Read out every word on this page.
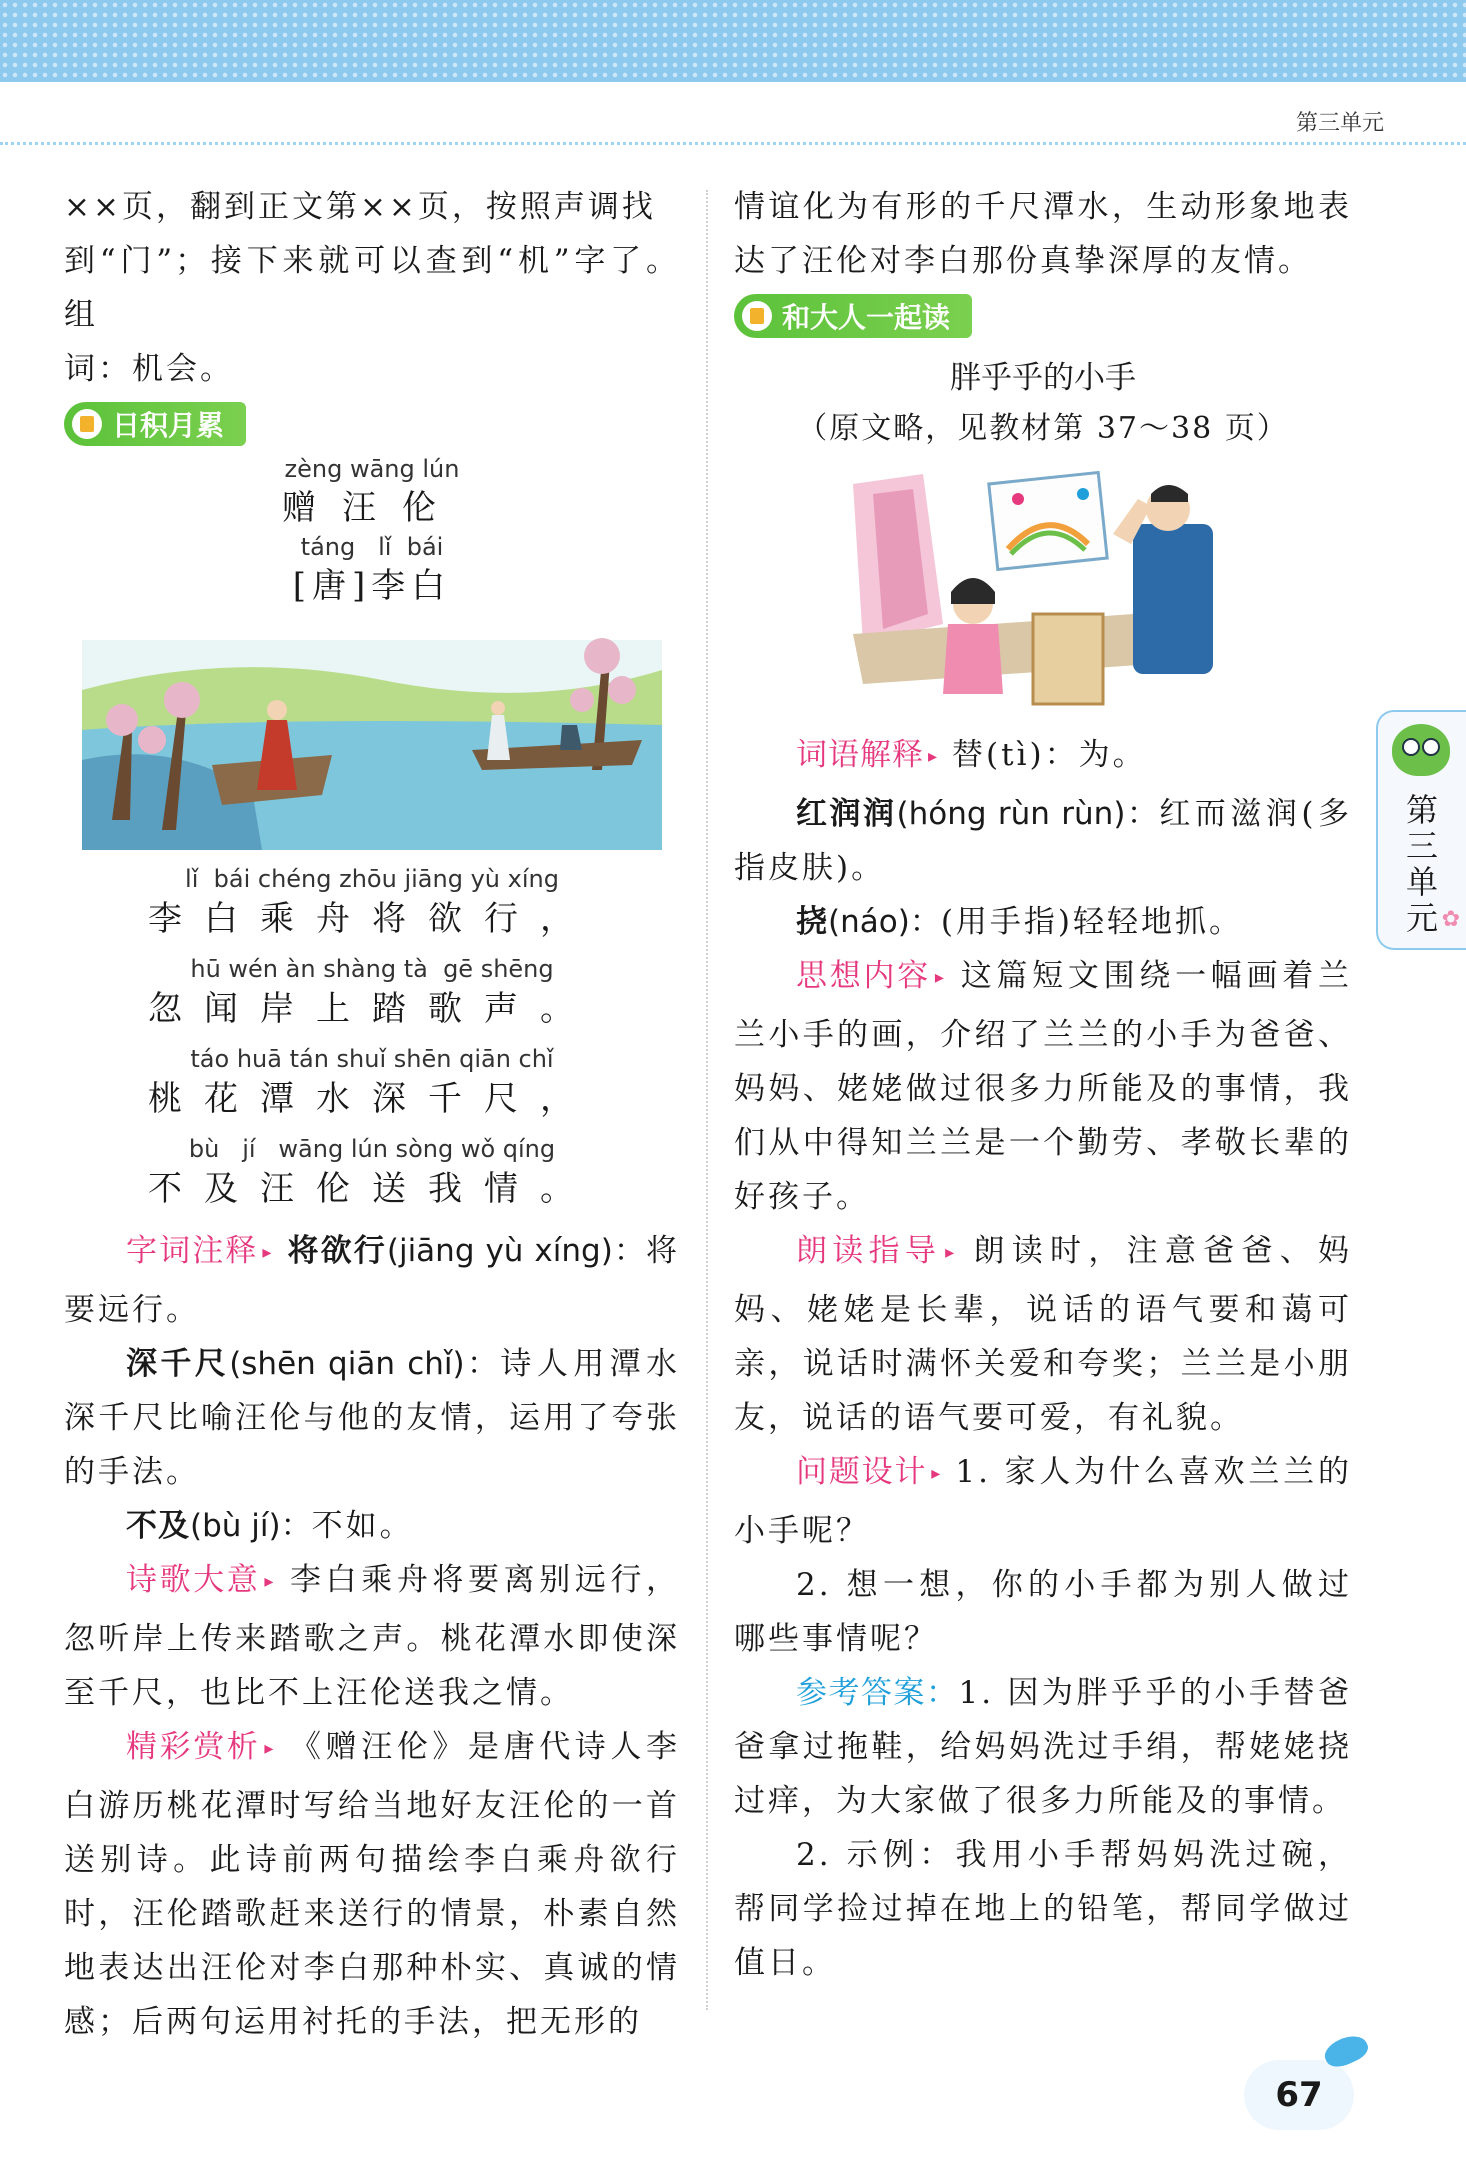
第三单元

××页，翻到正文第××页，按照声调找

到“门”；接下来就可以查到“机”字了。组

词：机会。

日积月累
zèng wāng lún
赠汪伦
táng   lǐ  bái
[唐]李白
lǐ  bái chéng zhōu jiāng yù xíng
李白乘舟将欲行，
hū wén àn shàng tà  gē shēng
忽闻岸上踏歌声。
táo huā tán shuǐ shēn qiān chǐ
桃花潭水深千尺，
bù   jí   wāng lún sòng wǒ qíng
不及汪伦送我情。

字词注释 ▸ 将欲行(jiāng yù xíng)：将要远行。

深千尺(shēn qiān chǐ)：诗人用潭水深千尺比喻汪伦与他的友情，运用了夸张的手法。

不及(bù jí)：不如。

诗歌大意 ▸ 李白乘舟将要离别远行，忽听岸上传来踏歌之声。桃花潭水即使深至千尺，也比不上汪伦送我之情。

精彩赏析 ▸ 《赠汪伦》是唐代诗人李白游历桃花潭时写给当地好友汪伦的一首送别诗。此诗前两句描绘李白乘舟欲行时，汪伦踏歌赶来送行的情景，朴素自然地表达出汪伦对李白那种朴实、真诚的情感；后两句运用衬托的手法，把无形的

情谊化为有形的千尺潭水，生动形象地表达了汪伦对李白那份真挚深厚的友情。

和大人一起读
胖乎乎的小手
（原文略，见教材第 37～38 页）

词语解释 ▸ 替(tì)：为。

红润润(hóng rùn rùn)：红而滋润(多指皮肤)。

挠(náo)：(用手指)轻轻地抓。

思想内容 ▸ 这篇短文围绕一幅画着兰兰小手的画，介绍了兰兰的小手为爸爸、妈妈、姥姥做过很多力所能及的事情，我们从中得知兰兰是一个勤劳、孝敬长辈的好孩子。

朗读指导 ▸ 朗读时，注意爸爸、妈妈、姥姥是长辈，说话的语气要和蔼可亲，说话时满怀关爱和夸奖；兰兰是小朋友，说话的语气要可爱，有礼貌。

问题设计 ▸ 1. 家人为什么喜欢兰兰的小手呢？

2. 想一想，你的小手都为别人做过哪些事情呢？

参考答案：1. 因为胖乎乎的小手替爸爸拿过拖鞋，给妈妈洗过手绢，帮姥姥挠过痒，为大家做了很多力所能及的事情。

2. 示例：我用小手帮妈妈洗过碗，帮同学捡过掉在地上的铅笔，帮同学做过值日。

第三单元 ✿
67
